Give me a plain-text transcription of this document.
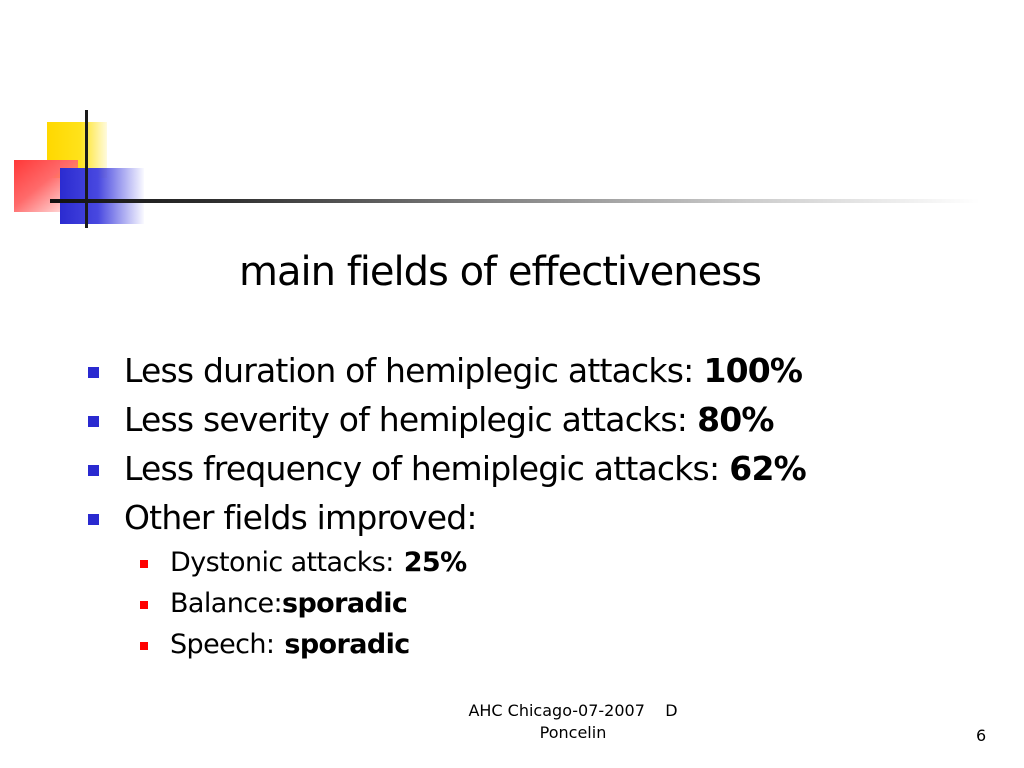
main fields of effectiveness
Less duration of hemiplegic attacks: 100%
Less severity of hemiplegic attacks: 80%
Less frequency of hemiplegic attacks: 62%
Other fields improved:
Dystonic attacks: 25%
Balance: sporadic
Speech: sporadic
AHC Chicago-07-2007    D
Poncelin	6
